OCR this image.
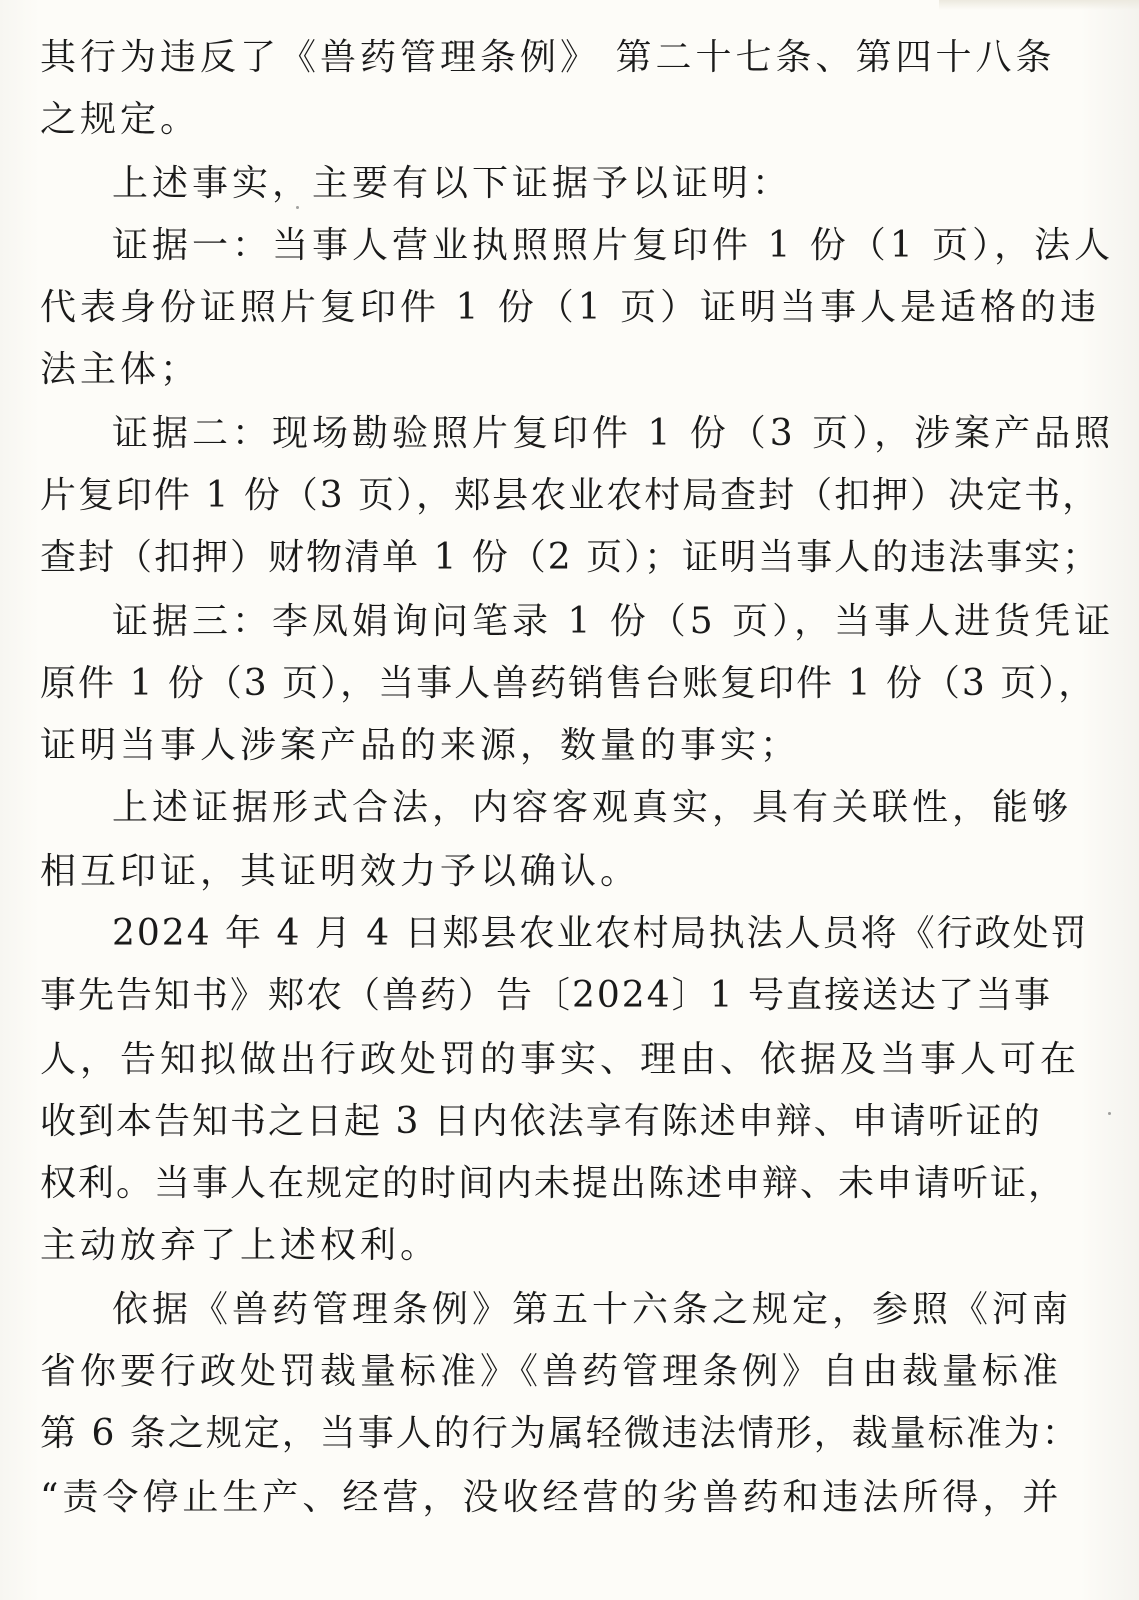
其行为违反了《兽药管理条例》 第二十七条、第四十八条
之规定。
上述事实，主要有以下证据予以证明：
证据一：当事人营业执照照片复印件 1 份（1 页），法人
代表身份证照片复印件 1 份（1 页）证明当事人是适格的违
法主体；
证据二：现场勘验照片复印件 1 份（3 页），涉案产品照
片复印件 1 份（3 页），郏县农业农村局查封（扣押）决定书，
查封（扣押）财物清单 1 份（2 页）；证明当事人的违法事实；
证据三：李凤娟询问笔录 1 份（5 页），当事人进货凭证
原件 1 份（3 页），当事人兽药销售台账复印件 1 份（3 页），
证明当事人涉案产品的来源，数量的事实；
上述证据形式合法，内容客观真实，具有关联性，能够
相互印证，其证明效力予以确认。
2024 年 4 月 4 日郏县农业农村局执法人员将《行政处罚
事先告知书》郏农（兽药）告〔2024〕1 号直接送达了当事
人，告知拟做出行政处罚的事实、理由、依据及当事人可在
收到本告知书之日起 3 日内依法享有陈述申辩、申请听证的
权利。当事人在规定的时间内未提出陈述申辩、未申请听证，
主动放弃了上述权利。
依据《兽药管理条例》第五十六条之规定，参照《河南
省你要行政处罚裁量标准》《兽药管理条例》自由裁量标准
第 6 条之规定，当事人的行为属轻微违法情形，裁量标准为：
“责令停止生产、经营，没收经营的劣兽药和违法所得，并
